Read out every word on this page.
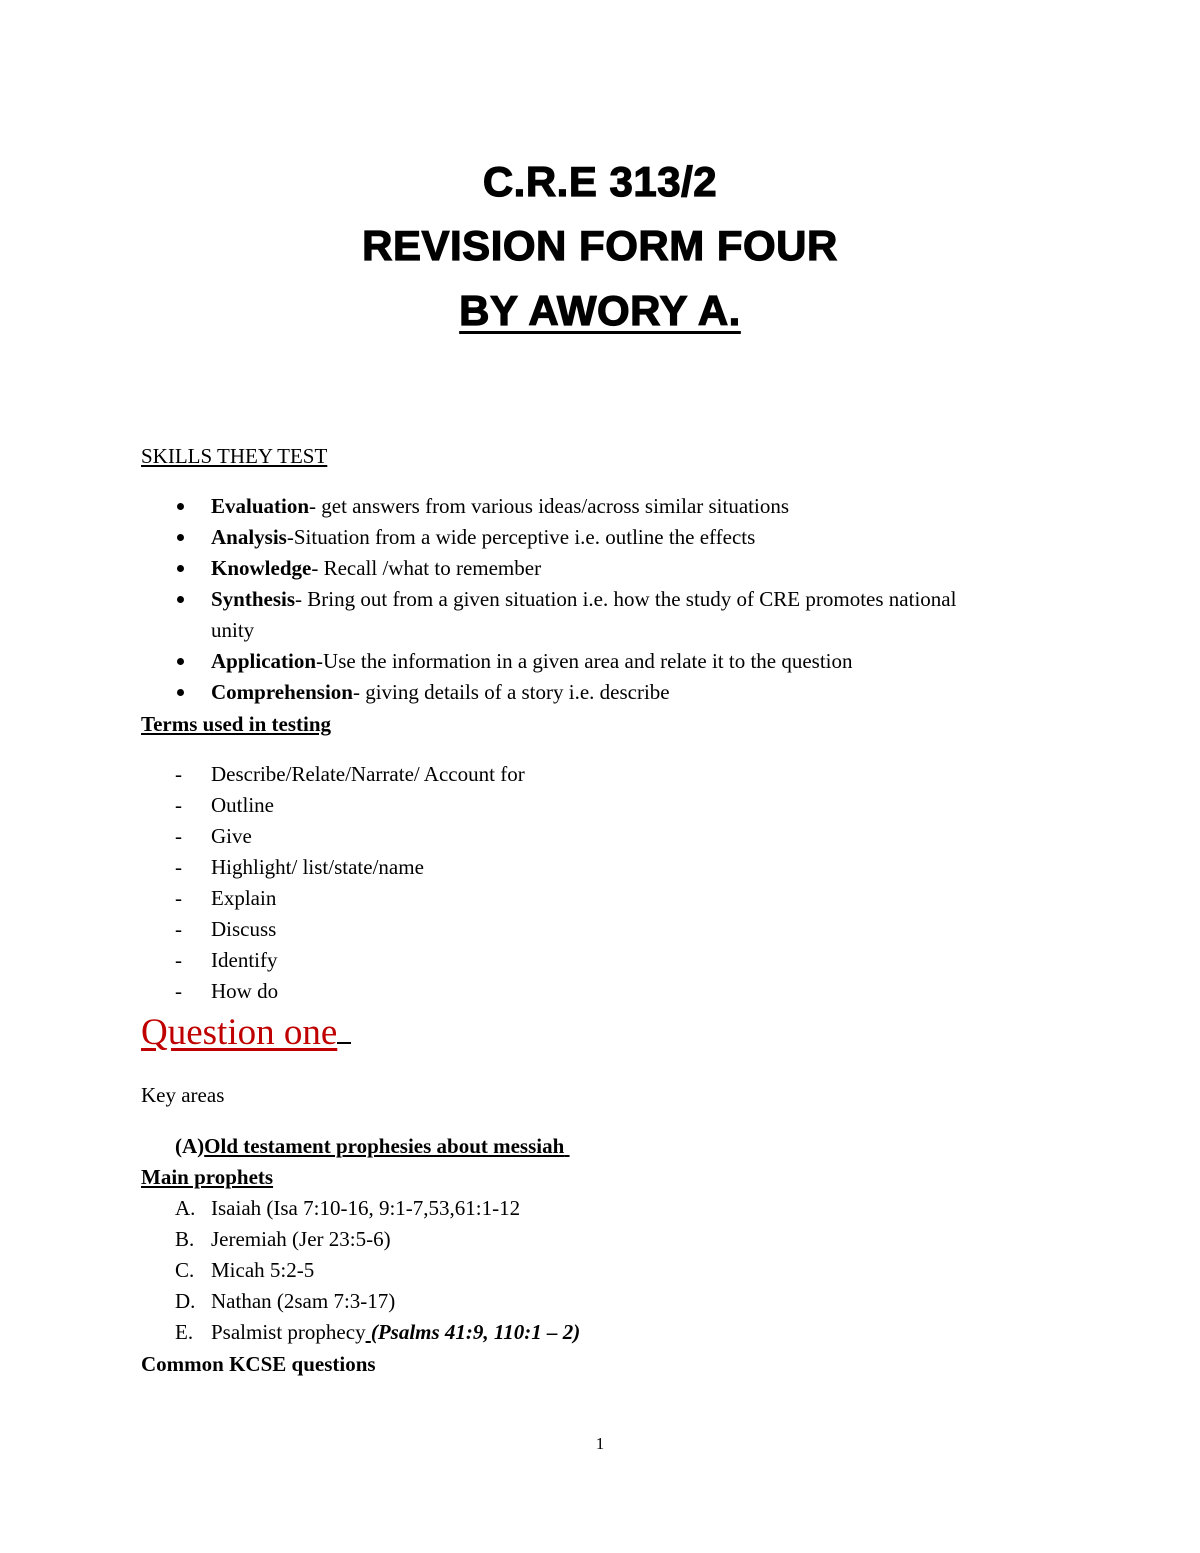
C.R.E 313/2
REVISION FORM FOUR
BY AWORY A.
SKILLS THEY TEST
Evaluation- get answers from various ideas/across similar situations
Analysis-Situation from a wide perceptive i.e. outline the effects
Knowledge- Recall /what to remember
Synthesis- Bring out from a given situation i.e. how the study of CRE promotes national
unity
Application-Use the information in a given area and relate it to the question
Comprehension- giving details of a story i.e. describe
Terms used in testing
- Describe/Relate/Narrate/ Account for
- Outline
- Give
- Highlight/ list/state/name
- Explain
- Discuss
- Identify
- How do
Question one
Key areas
(A)Old testament prophesies about messiah
Main prophets
A. Isaiah (Isa 7:10-16, 9:1-7,53,61:1-12
B. Jeremiah (Jer 23:5-6)
C. Micah 5:2-5
D. Nathan (2sam 7:3-17)
E. Psalmist prophecy (Psalms 41:9, 110:1 – 2)
Common KCSE questions
1
